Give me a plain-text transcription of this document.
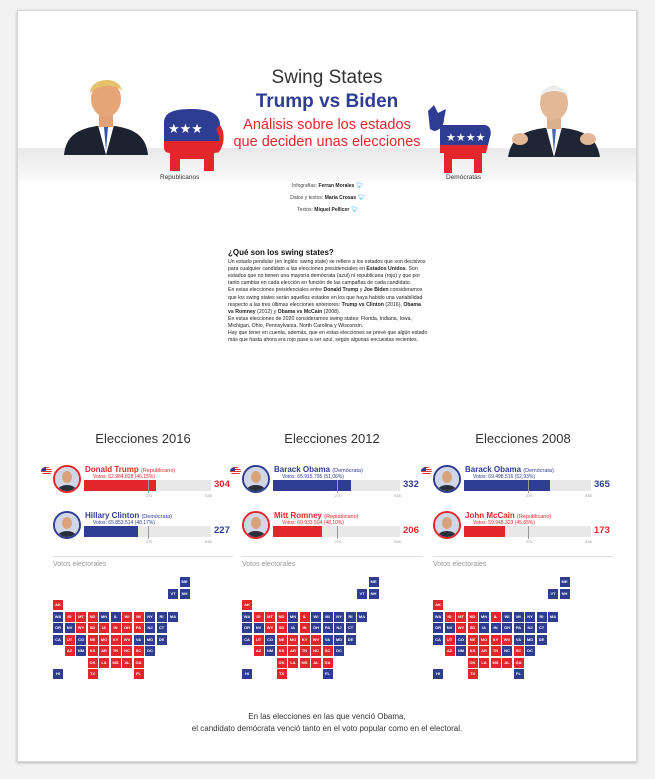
★★★
Republicanos
Swing States
Trump vs Biden
Análisis sobre los estados
que deciden unas elecciones	★★★★
Demócratas
Infografías: Ferran Morales 🐦︎
Datos y textos: María Crosas 🐦︎
Textos: Miquel Pellicer 🐦︎
¿Qué son los swing states?

Un estado pendular (en inglés: swing state) se refiere a los estados que son decisivos para cualquier candidato a las elecciones presidenciales en Estados Unidos. Son estados que no tienen una mayoría demócrata (azul) ni republicana (rojo) y que por tanto cambiar en cada elección en función de las campañas de cada candidato.

En estas elecciones presidenciales entre Donald Trump y Joe Biden consideramos que los swing states serán aquellos estados en los que haya habido una variabilidad respecto a las tres últimas elecciones anteriores: Trump vs Clinton (2016), Obama vs Romney (2012) y Obama vs McCain (2008).

En estas elecciones de 2020 consideramos swing states: Florida, Indiana, Iowa, Michigan, Ohio, Pennsylvania, North Carolina y Wisconsin.

Hay que tener en cuenta, además, que en estas elecciones se prevé que algún estado más que hasta ahora era rojo pase a ser azul, según algunas encuestas recientes.

Elecciones 2016
Donald Trump (Republicano)
Votos: 62.984.828 (46,15%)
270	538
304
Hillary Clinton (Demócrata)
Votos: 65.853.514 (48,17%)
270	538
227
Votos electorales
ME
VT	NH
AK
WA	ID	MT	ND	MN	IL	WI	MI	NY	RI	MA
OR	NV	WY	SD	IA	IN	OH	PA	NJ	CT
CA	UT	CO	NE	MO	KY	WV	VA	MD	DE
AZ	NM	KS	AR	TN	NC	SC	DC
OK	LA	MS	AL	GA
HI	TX	FL
Elecciones 2012
Barack Obama (Demócrata)
Votos: 65.915.795 (51,06%)
270	538
332
Mitt Romney (Republicano)
Votos: 60.933.504 (48,10%)
270	538
206
Votos electorales
ME
VT	NH
AK
WA	ID	MT	ND	MN	IL	WI	MI	NY	RI	MA
OR	NV	WY	SD	IA	IN	OH	PA	NJ	CT
CA	UT	CO	NE	MO	KY	WV	VA	MD	DE
AZ	NM	KS	AR	TN	NC	SC	DC
OK	LA	MS	AL	GA
HI	TX	FL
Elecciones 2008
Barack Obama (Demócrata)
Votos: 69.498.516 (52,93%)
270	538
365
John McCain (Republicano)
Votos: 59.948.323 (45,65%)
270	538
173
Votos electorales
ME
VT	NH
AK
WA	ID	MT	ND	MN	IL	WI	MI	NY	RI	MA
OR	NV	WY	SD	IA	IN	OH	PA	NJ	CT
CA	UT	CO	NE	MO	KY	WV	VA	MD	DE
AZ	NM	KS	AR	TN	NC	SC	DC
OK	LA	MS	AL	GA
HI	TX	FL
En las elecciones en las que venció Obama,
el candidato demócrata venció tanto en el voto popular como en el electoral.
